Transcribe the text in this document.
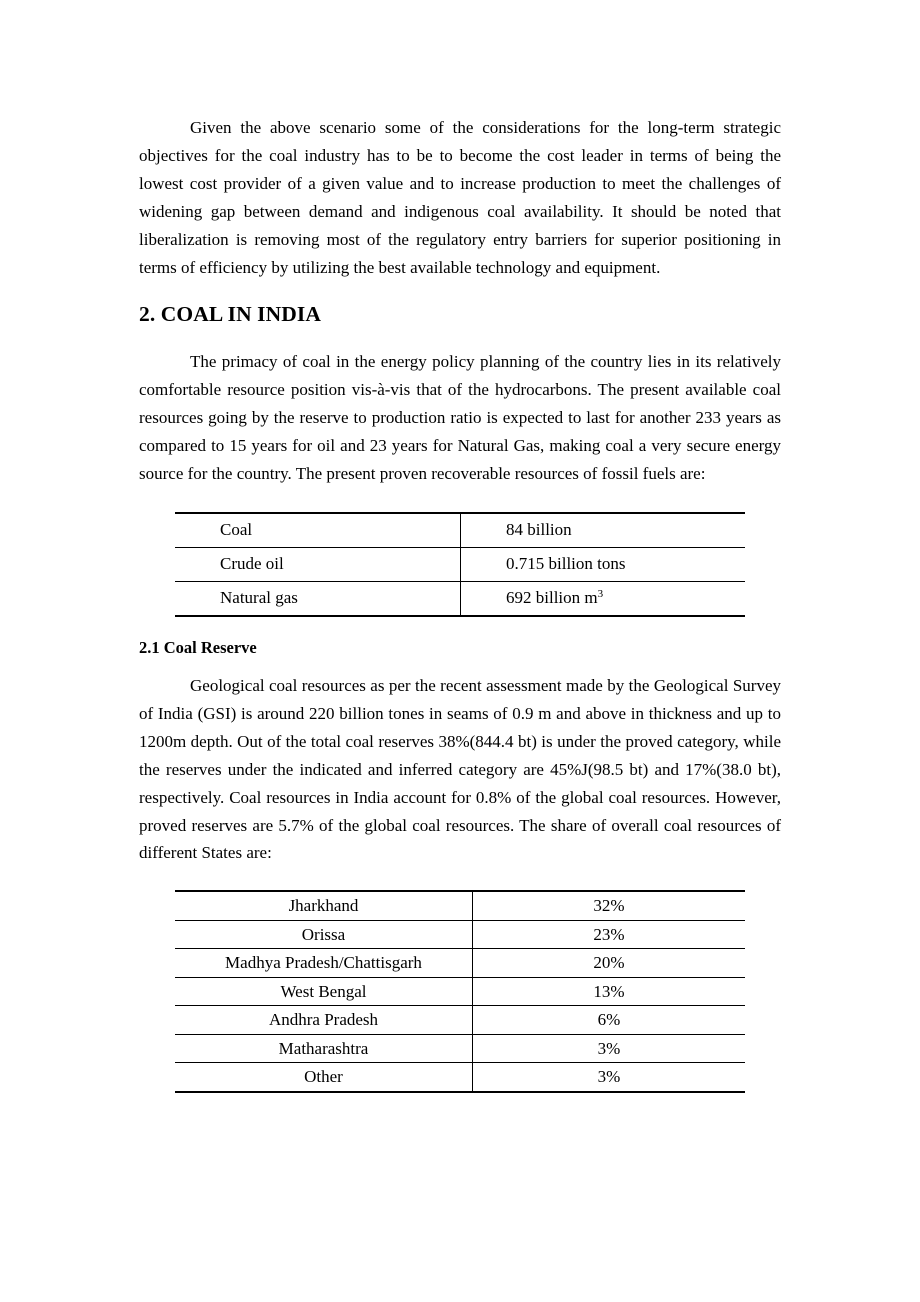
Given the above scenario some of the considerations for the long-term strategic objectives for the coal industry has to be to become the cost leader in terms of being the lowest cost provider of a given value and to increase production to meet the challenges of widening gap between demand and indigenous coal availability. It should be noted that liberalization is removing most of the regulatory entry barriers for superior positioning in terms of efficiency by utilizing the best available technology and equipment.

2. COAL IN INDIA

The primacy of coal in the energy policy planning of the country lies in its relatively comfortable resource position vis-à-vis that of the hydrocarbons. The present available coal resources going by the reserve to production ratio is expected to last for another 233 years as compared to 15 years for oil and 23 years for Natural Gas, making coal a very secure energy source for the country. The present proven recoverable resources of fossil fuels are:

Coal	84 billion
Crude oil	0.715 billion tons
Natural gas	692 billion $m^3$
2.1 Coal Reserve

Geological coal resources as per the recent assessment made by the Geological Survey of India (GSI) is around 220 billion tones in seams of 0.9 m and above in thickness and up to 1200m depth. Out of the total coal reserves 38%(844.4 bt) is under the proved category, while the reserves under the indicated and inferred category are 45%J(98.5 bt) and 17%(38.0 bt), respectively. Coal resources in India account for 0.8% of the global coal resources. However, proved reserves are 5.7% of the global coal resources. The share of overall coal resources of different States are:

Jharkhand	32%
Orissa	23%
Madhya Pradesh/Chattisgarh	20%
West Bengal	13%
Andhra Pradesh	6%
Matharashtra	3%
Other	3%
